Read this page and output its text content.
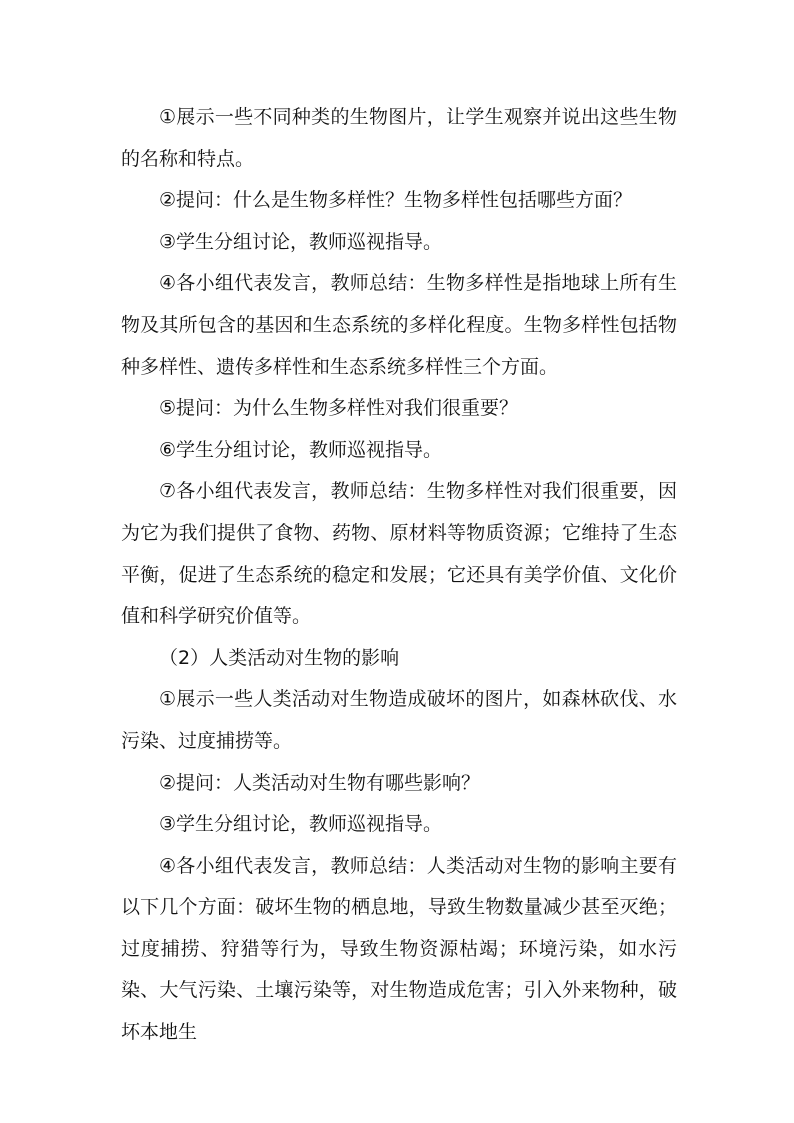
①展示一些不同种类的生物图片，让学生观察并说出这些生物的名称和特点。

②提问：什么是生物多样性？生物多样性包括哪些方面？

③学生分组讨论，教师巡视指导。

④各小组代表发言，教师总结：生物多样性是指地球上所有生物及其所包含的基因和生态系统的多样化程度。生物多样性包括物种多样性、遗传多样性和生态系统多样性三个方面。

⑤提问：为什么生物多样性对我们很重要？

⑥学生分组讨论，教师巡视指导。

⑦各小组代表发言，教师总结：生物多样性对我们很重要，因为它为我们提供了食物、药物、原材料等物质资源；它维持了生态平衡，促进了生态系统的稳定和发展；它还具有美学价值、文化价值和科学研究价值等。

（2）人类活动对生物的影响

①展示一些人类活动对生物造成破坏的图片，如森林砍伐、水污染、过度捕捞等。

②提问：人类活动对生物有哪些影响？

③学生分组讨论，教师巡视指导。

④各小组代表发言，教师总结：人类活动对生物的影响主要有以下几个方面：破坏生物的栖息地，导致生物数量减少甚至灭绝；过度捕捞、狩猎等行为，导致生物资源枯竭；环境污染，如水污染、大气污染、土壤污染等，对生物造成危害；引入外来物种，破坏本地生
